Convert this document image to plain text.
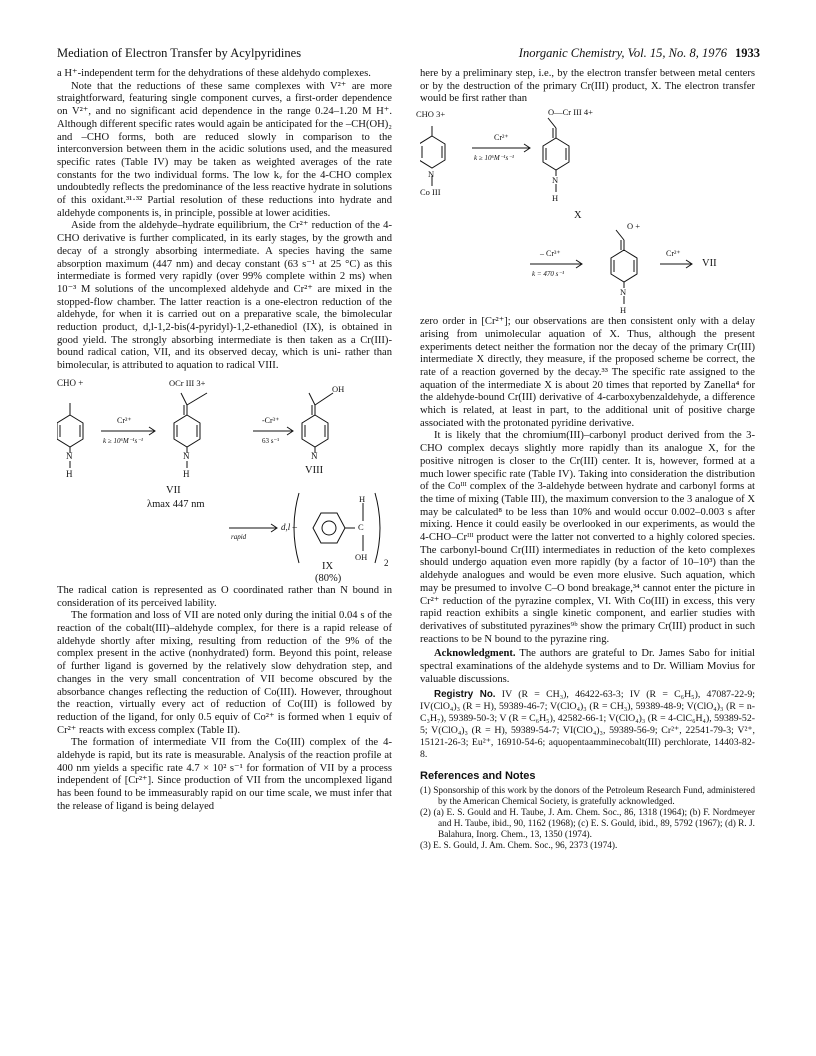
Mediation of Electron Transfer by Acylpyridines	Inorganic Chemistry, Vol. 15, No. 8, 1976 1933

a H⁺-independent term for the dehydrations of these aldehydo complexes.

Note that the reductions of these same complexes with V²⁺ are more straightforward, featuring single component curves, a first-order dependence on V²⁺, and no significant acid dependence in the range 0.24–1.20 M H⁺. Although different specific rates would again be anticipated for the –CH(OH)₂ and –CHO forms, both are reduced slowly in comparison to the interconversion between them in the acidic solutions used, and the measured specific rates (Table IV) may be taken as weighted averages of the rate constants for the two individual forms. The low kᵥ for the 4-CHO complex undoubtedly reflects the predominance of the less reactive hydrate in solutions of this oxidant.³¹·³² Partial resolution of these reductions into hydrate and aldehyde components is, in principle, possible at lower acidities.

Aside from the aldehyde–hydrate equilibrium, the Cr²⁺ reduction of the 4-CHO derivative is further complicated, in its early stages, by the growth and decay of a strongly absorbing intermediate. A species having the same absorption maximum (447 nm) and decay constant (63 s⁻¹ at 25 °C) as this intermediate is formed very rapidly (over 99% complete within 2 ms) when 10⁻³ M solutions of the uncomplexed aldehyde and Cr²⁺ are mixed in the stopped-flow chamber. The latter reaction is a one-electron reduction of the aldehyde, for when it is carried out on a preparative scale, the bimolecular reduction product, d,l-1,2-bis(4-pyridyl)-1,2-ethanediol (IX), is obtained in good yield. The strongly absorbing intermediate is then taken as a Cr(III)-bound radical cation, VII, and its observed decay, which is uni- rather than bimolecular, is attributed to aquation to radical VIII.

CHO +
N
H
Cr²⁺
k ≥ 10⁶M⁻¹s⁻¹
OCr III 3+
N
H
-Cr³⁺
63 s⁻¹
OH
N
VII
λmax 447 nm
VIII
rapid
d,l –
H
C
OH
2
IX
(80%)

The radical cation is represented as O coordinated rather than N bound in consideration of its perceived lability.

The formation and loss of VII are noted only during the initial 0.04 s of the reaction of the cobalt(III)–aldehyde complex, for there is a rapid release of aldehyde shortly after mixing, resulting from reduction of the 9% of the complex present in the active (nonhydrated) form. Beyond this point, release of further ligand is governed by the relatively slow dehydration step, and changes in the very small concentration of VII become obscured by the absorbance changes reflecting the reduction of Co(III). However, throughout the reaction, virtually every act of reduction of Co(III) is followed by reduction of the ligand, for only 0.5 equiv of Co²⁺ is formed when 1 equiv of Cr²⁺ reacts with excess complex (Table II).

The formation of intermediate VII from the Co(III) complex of the 4-aldehyde is rapid, but its rate is measurable. Analysis of the reaction profile at 400 nm yields a specific rate 4.7 × 10² s⁻¹ for formation of VII by a process independent of [Cr²⁺]. Since production of VII from the uncomplexed ligand has been found to be immeasurably rapid on our time scale, we must infer that the release of ligand is being delayed

here by a preliminary step, i.e., by the electron transfer between metal centers or by the destruction of the primary Cr(III) product, X. The electron transfer would be first rather than

CHO 3+
N
Co III
Cr²⁺
k ≥ 10⁶M⁻¹s⁻¹
O—Cr III 4+
N
H
X
O +
– Cr³⁺
k = 470 s⁻¹
N
H
Cr²⁺
VII

zero order in [Cr²⁺]; our observations are then consistent only with a delay arising from unimolecular aquation of X. Thus, although the present experiments detect neither the formation nor the decay of the primary Cr(III) intermediate X directly, they measure, if the proposed scheme be correct, the rate of a reaction governed by the decay.³³ The specific rate assigned to the aquation of the intermediate X is about 20 times that reported by Zanella⁴ for the aldehyde-bound Cr(III) derivative of 4-carboxybenzaldehyde, a difference which is related, at least in part, to the additional unit of positive charge associated with the protonated pyridine derivative.

It is likely that the chromium(III)–carbonyl product derived from the 3-CHO complex decays slightly more rapidly than its analogue X, for the positive nitrogen is closer to the Cr(III) center. It is, however, formed at a much lower specific rate (Table IV). Taking into consideration the distribution of the Coᴵᴵᴵ complex of the 3-aldehyde between hydrate and carbonyl forms at the time of mixing (Table III), the maximum conversion to the 3 analogue of X may be calculated⁸ to be less than 10% and would occur 0.002–0.003 s after mixing. Hence it could easily be overlooked in our experiments, as would the 4-CHO–Crᴵᴵᴵ product were the latter not converted to a highly colored species. The carbonyl-bound Cr(III) intermediates in reduction of the keto complexes should undergo aquation even more rapidly (by a factor of 10–10³) than the aldehyde analogues and would be even more elusive. Such aquation, which may be presumed to involve C–O bond breakage,³⁴ cannot enter the picture in Cr²⁺ reduction of the pyrazine complex, VI. With Co(III) in excess, this very rapid reaction exhibits a single kinetic component, and earlier studies with derivatives of substituted pyrazines⁹ᵇ show the primary Cr(III) product in such reactions to be N bound to the pyrazine ring.

Acknowledgment. The authors are grateful to Dr. James Sabo for initial spectral examinations of the aldehyde systems and to Dr. William Movius for valuable discussions.

Registry No. IV (R = CH₃), 46422-63-3; IV (R = C₆H₅), 47087-22-9; IV(ClO₄)₃ (R = H), 59389-46-7; V(ClO₄)₃ (R = CH₃), 59389-48-9; V(ClO₄)₃ (R = n-C₃H₇), 59389-50-3; V (R = C₆H₅), 42582-66-1; V(ClO₄)₃ (R = 4-ClC₆H₄), 59389-52-5; V(ClO₄)₃ (R = H), 59389-54-7; VI(ClO₄)₃, 59389-56-9; Cr²⁺, 22541-79-3; V²⁺, 15121-26-3; Eu²⁺, 16910-54-6; aquopentaamminecobalt(III) perchlorate, 14403-82-8.

References and Notes

(1) Sponsorship of this work by the donors of the Petroleum Research Fund, administered by the American Chemical Society, is gratefully acknowledged.

(2) (a) E. S. Gould and H. Taube, J. Am. Chem. Soc., 86, 1318 (1964); (b) F. Nordmeyer and H. Taube, ibid., 90, 1162 (1968); (c) E. S. Gould, ibid., 89, 5792 (1967); (d) R. J. Balahura, Inorg. Chem., 13, 1350 (1974).

(3) E. S. Gould, J. Am. Chem. Soc., 96, 2373 (1974).
